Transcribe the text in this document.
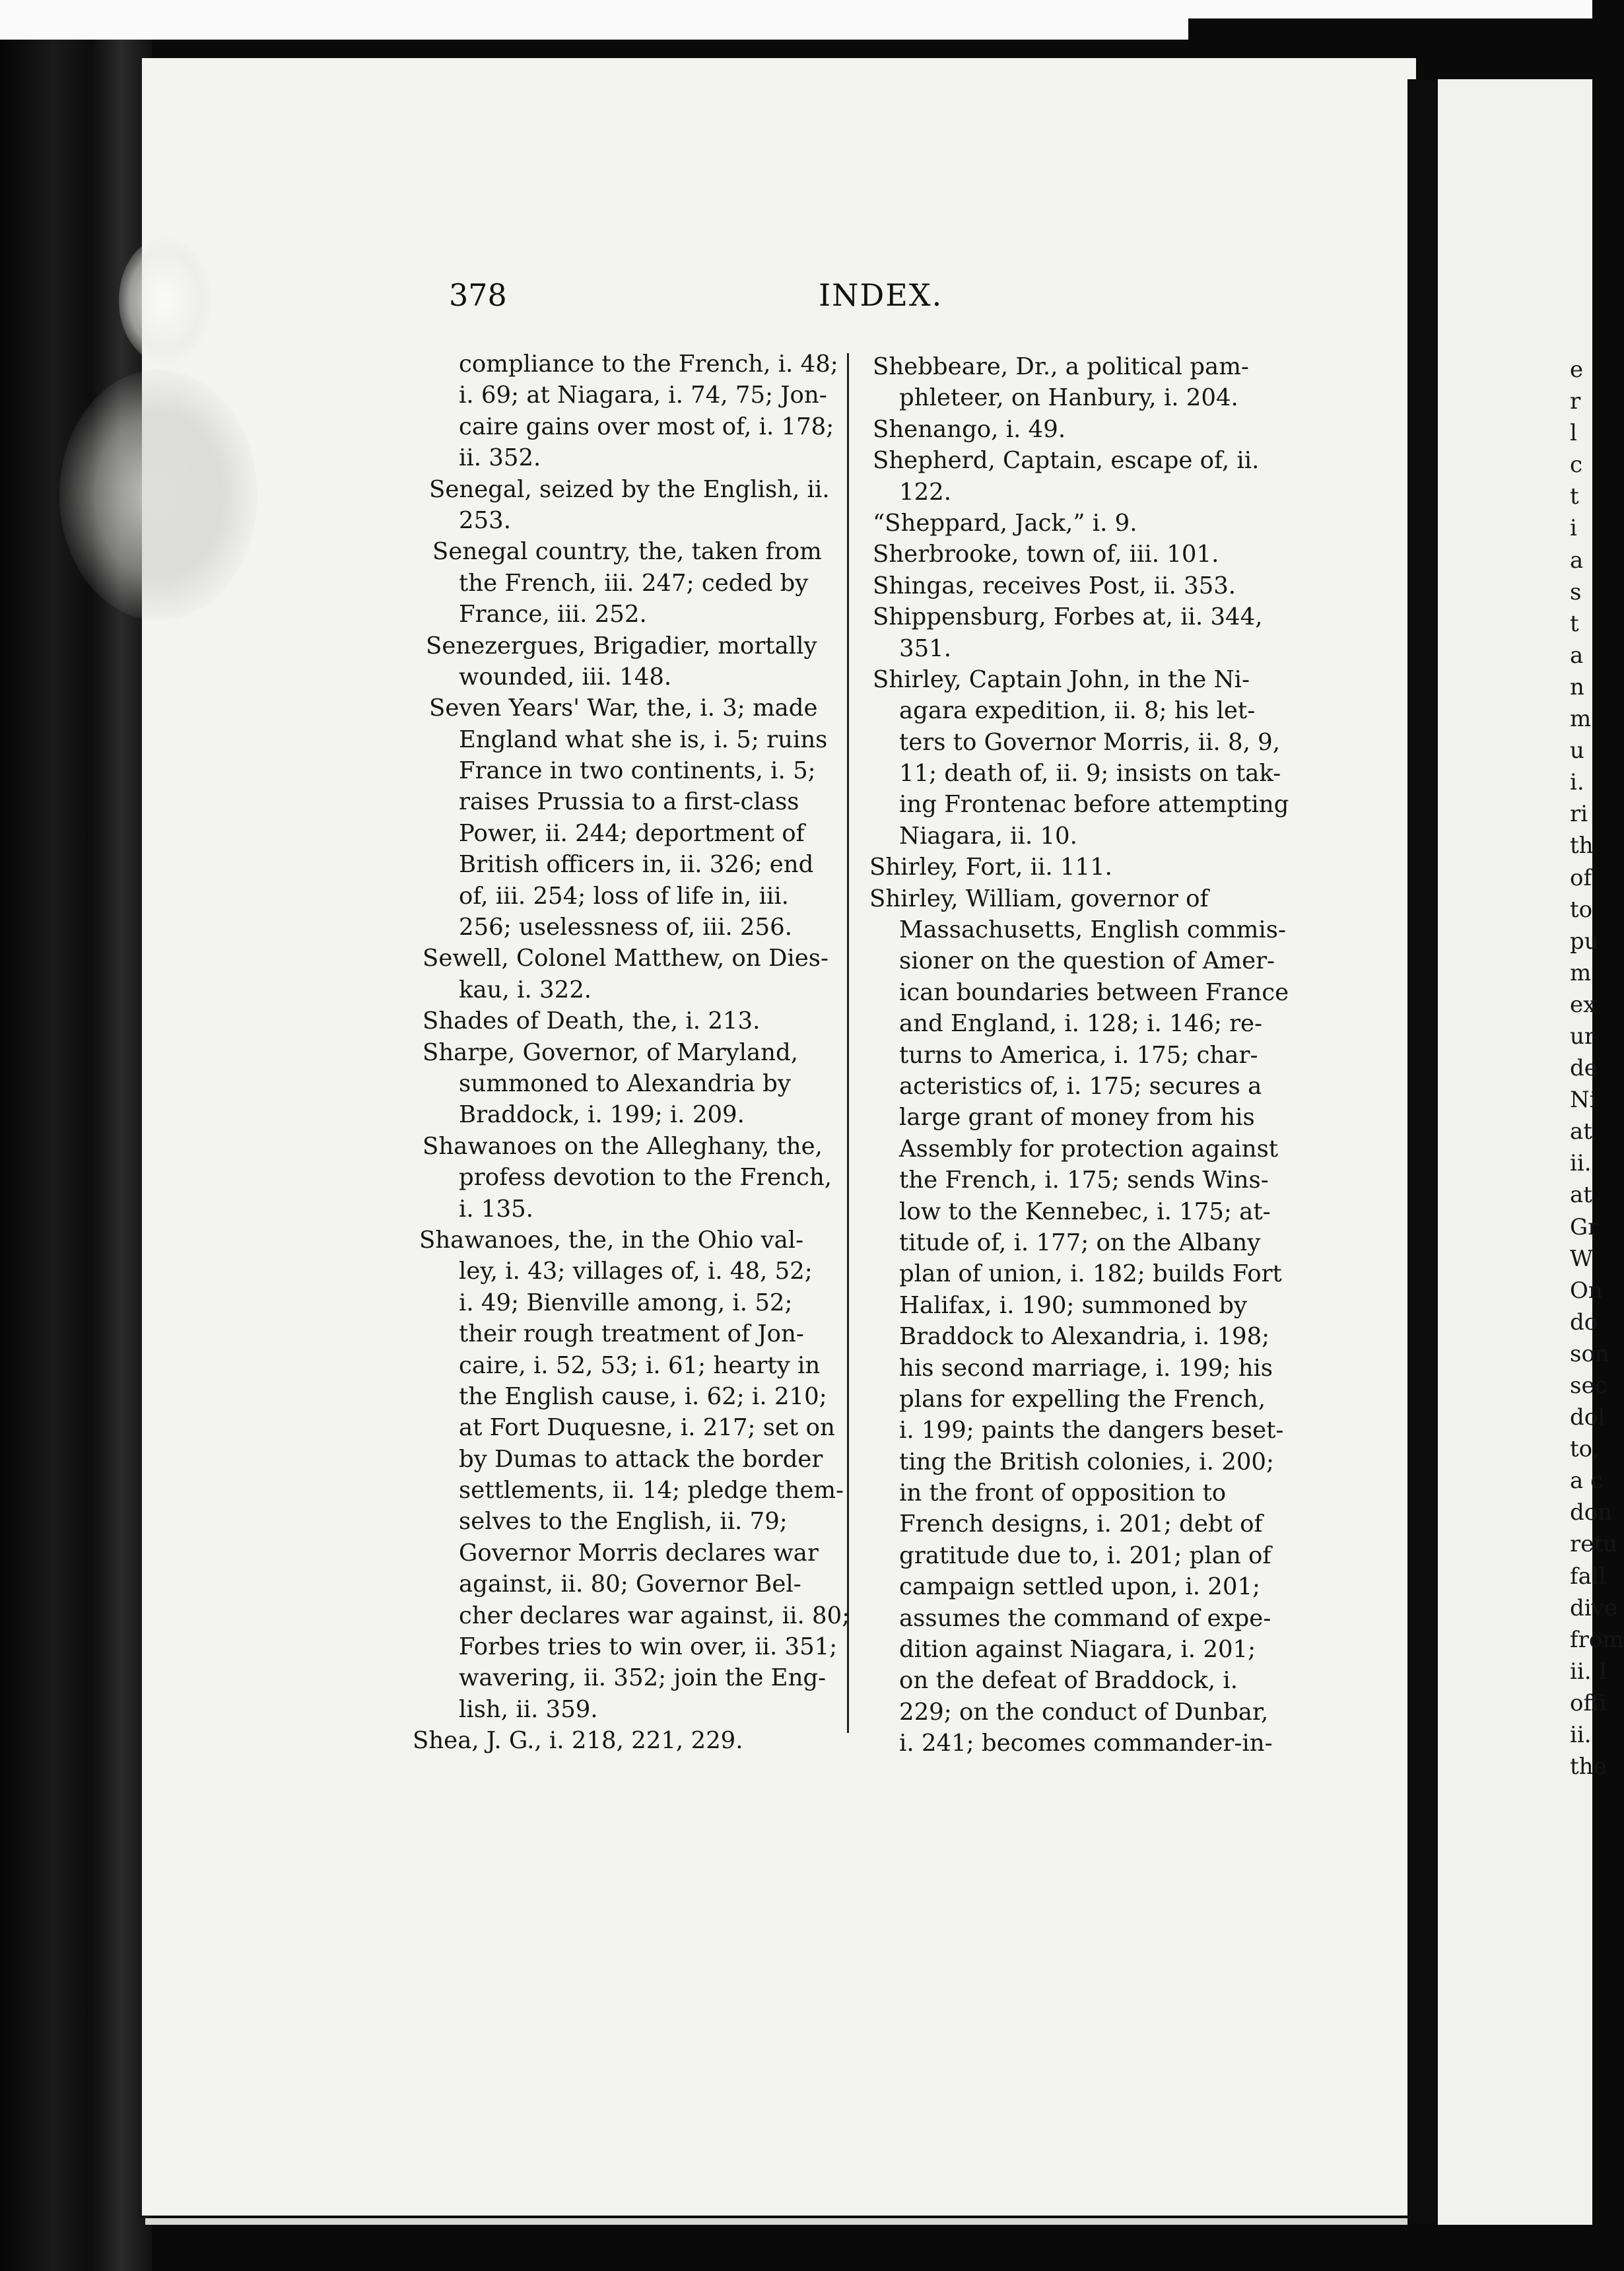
378	INDEX.
compliance to the French, i. 48;
i. 69; at Niagara, i. 74, 75; Jon-
caire gains over most of, i. 178;
ii. 352.
Senegal, seized by the English, ii.
253.
Senegal country, the, taken from
the French, iii. 247; ceded by
France, iii. 252.
Senezergues, Brigadier, mortally
wounded, iii. 148.
Seven Years' War, the, i. 3; made
England what she is, i. 5; ruins
France in two continents, i. 5;
raises Prussia to a first-class
Power, ii. 244; deportment of
British officers in, ii. 326; end
of, iii. 254; loss of life in, iii.
256; uselessness of, iii. 256.
Sewell, Colonel Matthew, on Dies-
kau, i. 322.
Shades of Death, the, i. 213.
Sharpe, Governor, of Maryland,
summoned to Alexandria by
Braddock, i. 199; i. 209.
Shawanoes on the Alleghany, the,
profess devotion to the French,
i. 135.
Shawanoes, the, in the Ohio val-
ley, i. 43; villages of, i. 48, 52;
i. 49; Bienville among, i. 52;
their rough treatment of Jon-
caire, i. 52, 53; i. 61; hearty in
the English cause, i. 62; i. 210;
at Fort Duquesne, i. 217; set on
by Dumas to attack the border
settlements, ii. 14; pledge them-
selves to the English, ii. 79;
Governor Morris declares war
against, ii. 80; Governor Bel-
cher declares war against, ii. 80;
Forbes tries to win over, ii. 351;
wavering, ii. 352; join the Eng-
lish, ii. 359.
Shea, J. G., i. 218, 221, 229.
Shebbeare, Dr., a political pam-
phleteer, on Hanbury, i. 204.
Shenango, i. 49.
Shepherd, Captain, escape of, ii.
122.
“Sheppard, Jack,” i. 9.
Sherbrooke, town of, iii. 101.
Shingas, receives Post, ii. 353.
Shippensburg, Forbes at, ii. 344,
351.
Shirley, Captain John, in the Ni-
agara expedition, ii. 8; his let-
ters to Governor Morris, ii. 8, 9,
11; death of, ii. 9; insists on tak-
ing Frontenac before attempting
Niagara, ii. 10.
Shirley, Fort, ii. 111.
Shirley, William, governor of
Massachusetts, English commis-
sioner on the question of Amer-
ican boundaries between France
and England, i. 128; i. 146; re-
turns to America, i. 175; char-
acteristics of, i. 175; secures a
large grant of money from his
Assembly for protection against
the French, i. 175; sends Wins-
low to the Kennebec, i. 175; at-
titude of, i. 177; on the Albany
plan of union, i. 182; builds Fort
Halifax, i. 190; summoned by
Braddock to Alexandria, i. 198;
his second marriage, i. 199; his
plans for expelling the French,
i. 199; paints the dangers beset-
ting the British colonies, i. 200;
in the front of opposition to
French designs, i. 201; debt of
gratitude due to, i. 201; plan of
campaign settled upon, i. 201;
assumes the command of expe-
dition against Niagara, i. 201;
on the defeat of Braddock, i.
229; on the conduct of Dunbar,
i. 241; becomes commander-in-
e
r
l
c
t
i
a
s
t
a
n
m
u
i.
ri
th
of
to
pu
m
ex
ur
de
Ni
at
ii.
at
Gr
W
On
do
son
sec
dol
to,
a c
don
retu
fall
dive
from
ii. I
offi
ii.
the
